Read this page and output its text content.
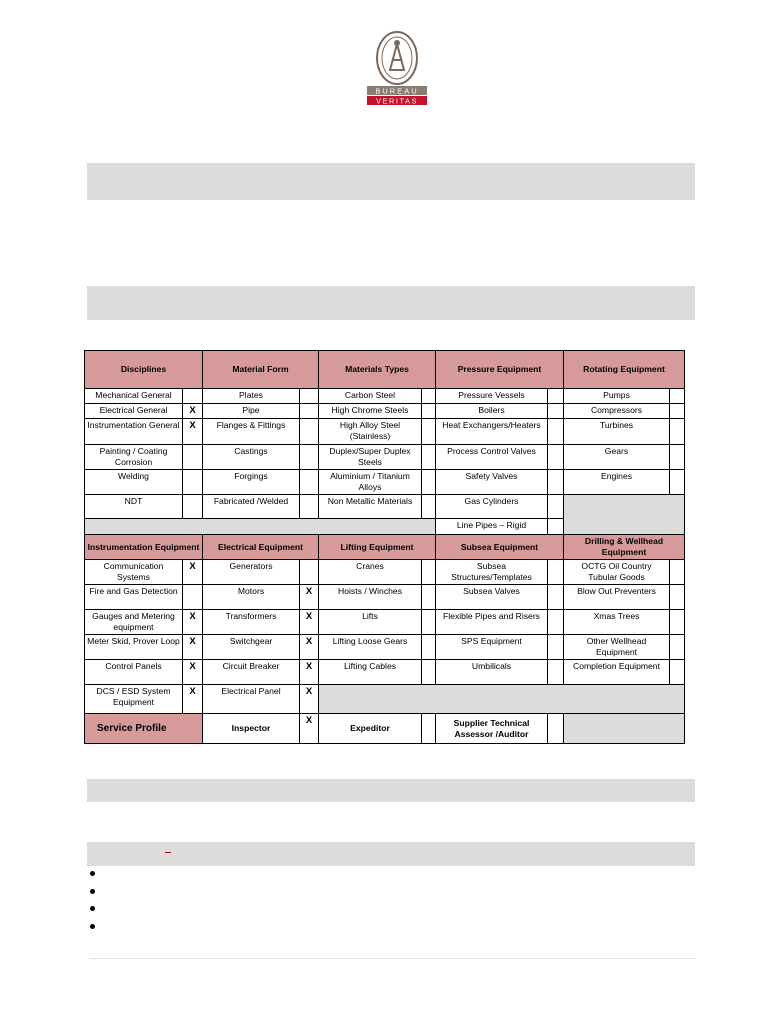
BUREAU
VERITAS
Disciplines		Material Form		Materials Types		Pressure Equipment		Rotating Equipment	
Mechanical General		Plates		Carbon Steel		Pressure Vessels		Pumps	
Electrical General	X	Pipe		High Chrome Steels		Boilers		Compressors	
Instrumentation General	X	Flanges & Fittings		High Alloy Steel (Stainless)		Heat Exchangers/Heaters		Turbines	
Painting / Coating Corrosion		Castings		Duplex/Super Duplex Steels		Process Control Valves		Gears	
Welding		Forgings		Aluminium / Titanium Alloys		Safety Valves		Engines	
NDT		Fabricated /Welded		Non Metallic Materials		Gas Cylinders			
						Line Pipes – Rigid			
Instrumentation Equipment		Electrical Equipment		Lifting Equipment		Subsea Equipment		Drilling & Wellhead Equipment	
Communication Systems	X	Generators		Cranes		Subsea Structures/Templates		OCTG Oil Country Tubular Goods	
Fire and Gas Detection		Motors	X	Hoists / Winches		Subsea Valves		Blow Out Preventers	
Gauges and Metering equipment	X	Transformers	X	Lifts		Flexible Pipes and Risers		Xmas Trees	
Meter Skid, Prover Loop	X	Switchgear	X	Lifting Loose Gears		SPS Equipment		Other Wellhead Equipment	
Control Panels	X	Circuit Breaker	X	Lifting Cables		Umbilicals		Completion Equipment	
DCS / ESD System Equipment	X	Electrical Panel	X						
Service Profile		Inspector	X	Expeditor		Supplier Technical Assessor /Auditor			
